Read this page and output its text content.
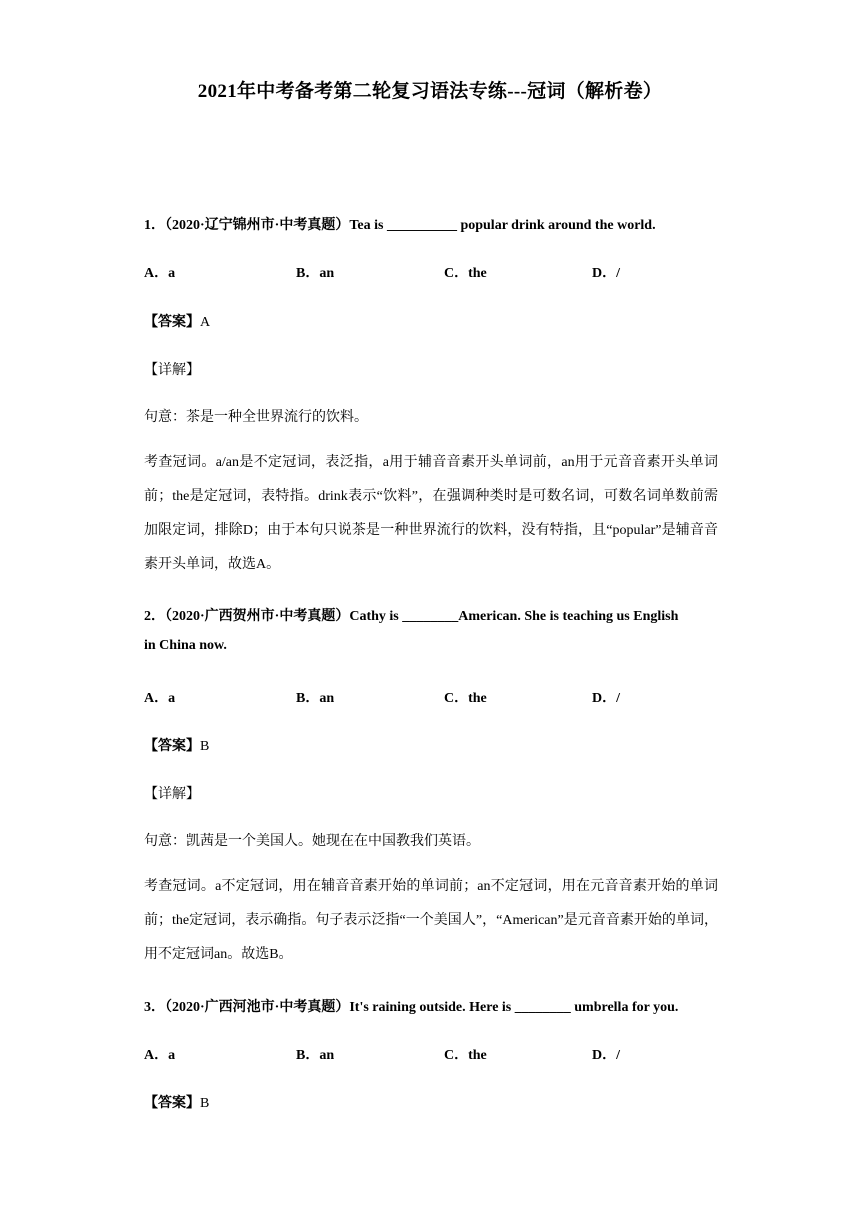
2021年中考备考第二轮复习语法专练---冠词（解析卷）
1．（2020·辽宁锦州市·中考真题）Tea is __________ popular drink around the world.
A．a	B．an	C．the	D．/
【答案】A
【详解】
句意：茶是一种全世界流行的饮料。
考查冠词。a/an是不定冠词，表泛指，a用于辅音音素开头单词前，an用于元音音素开头单词前；the是定冠词，表特指。drink表示“饮料”，在强调种类时是可数名词，可数名词单数前需加限定词，排除D；由于本句只说茶是一种世界流行的饮料，没有特指，且“popular”是辅音音素开头单词，故选A。
2．（2020·广西贺州市·中考真题）Cathy is ________American. She is teaching us English
in China now.
A．a	B．an	C．the	D．/
【答案】B
【详解】
句意：凯茜是一个美国人。她现在在中国教我们英语。
考查冠词。a不定冠词，用在辅音音素开始的单词前；an不定冠词，用在元音音素开始的单词前；the定冠词，表示确指。句子表示泛指“一个美国人”，“American”是元音音素开始的单词，用不定冠词an。故选B。
3．（2020·广西河池市·中考真题）It's raining outside. Here is ________ umbrella for you.
A．a	B．an	C．the	D．/
【答案】B
